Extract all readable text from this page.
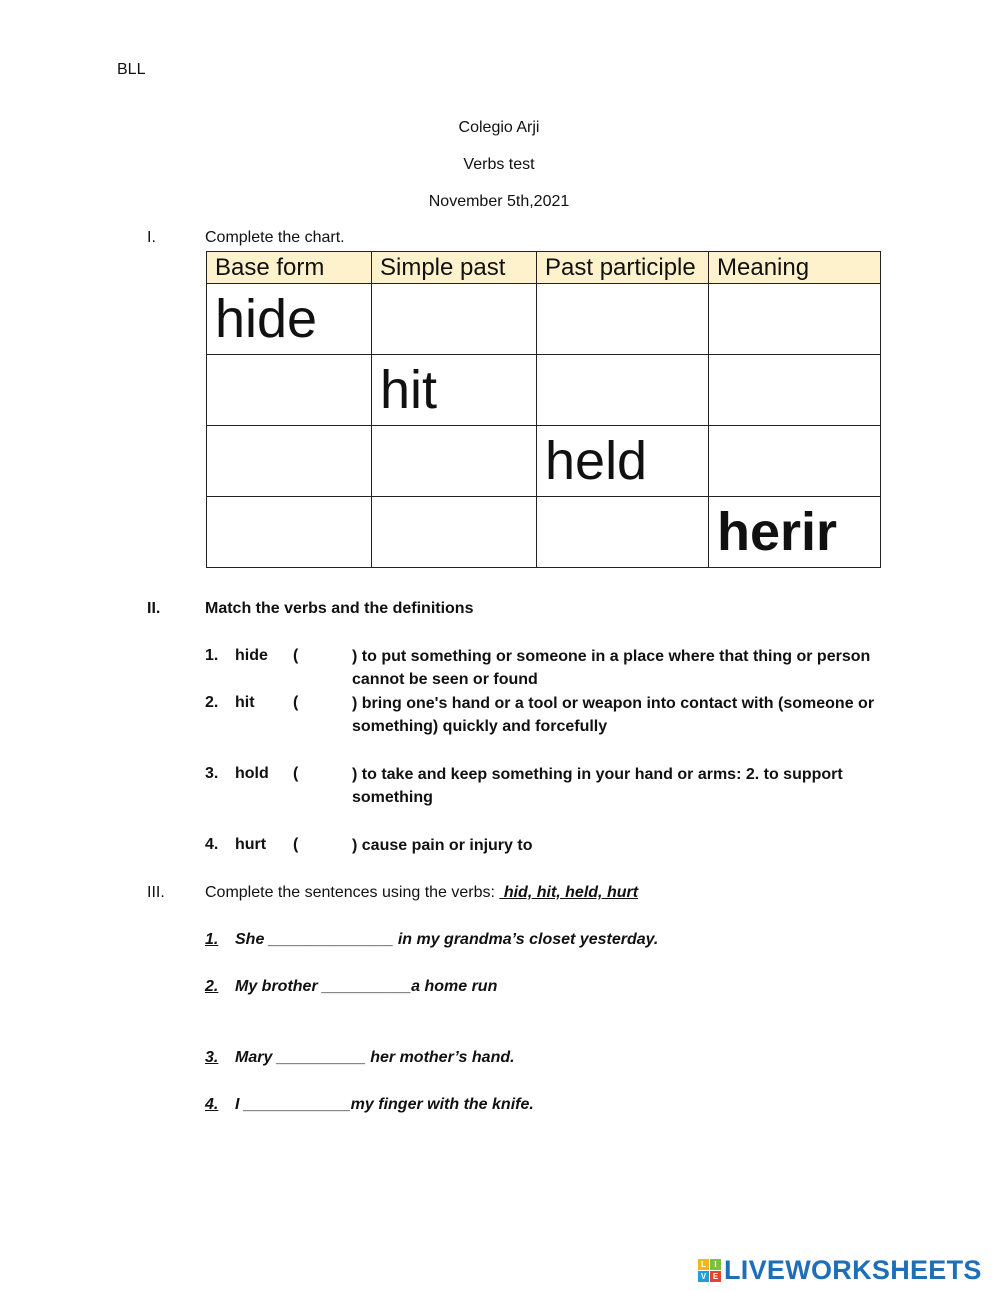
BLL
Colegio Arji
Verbs test
November 5th,2021
I.	Complete the chart.
Base form	Simple past	Past participle	Meaning
hide			
	hit		
		held	
			herir
II.	Match the verbs and the definitions
1. hide (	) to put something or someone in a place where that thing or person cannot be seen or found
2. hit (	) bring one's hand or a tool or weapon into contact with (someone or something) quickly and forcefully
3. hold (	) to take and keep something in your hand or arms: 2. to support something
4. hurt (	) cause pain or injury to
III.	Complete the sentences using the verbs:  hid, hit, held, hurt
1. She ______________ in my grandma’s closet yesterday.
2. My brother __________a home run
3. Mary __________ her mother’s hand.
4. I ____________my finger with the knife.
L	I
V E LIVEWORKSHEETS
